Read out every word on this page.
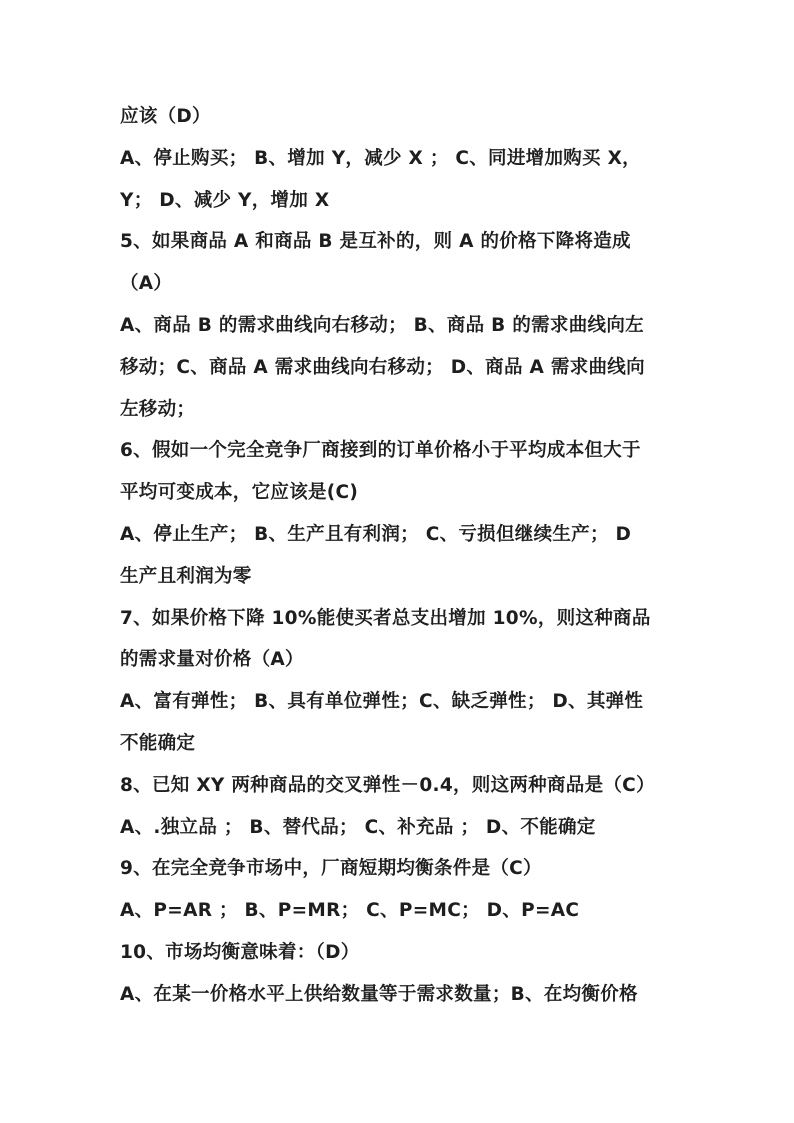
应该（D）
A、停止购买； B、增加 Y，减少 X ； C、同进增加购买 X，
Y； D、减少 Y，增加 X
5、如果商品 A 和商品 B 是互补的，则 A 的价格下降将造成
（A）
A、商品 B 的需求曲线向右移动； B、商品 B 的需求曲线向左
移动；C、商品 A 需求曲线向右移动； D、商品 A 需求曲线向
左移动；
6、假如一个完全竞争厂商接到的订单价格小于平均成本但大于
平均可变成本，它应该是(C)
A、停止生产； B、生产且有利润； C、亏损但继续生产； D
生产且利润为零
7、如果价格下降 10%能使买者总支出增加 10%，则这种商品
的需求量对价格（A）
A、富有弹性； B、具有单位弹性；C、缺乏弹性； D、其弹性
不能确定
8、已知 XY 两种商品的交叉弹性－0.4，则这两种商品是（C）
A、.独立品 ； B、替代品； C、补充品 ； D、不能确定
9、在完全竞争市场中，厂商短期均衡条件是（C）
A、P=AR ； B、P=MR； C、P=MC； D、P=AC
10、市场均衡意味着：（D）
A、在某一价格水平上供给数量等于需求数量；B、在均衡价格
